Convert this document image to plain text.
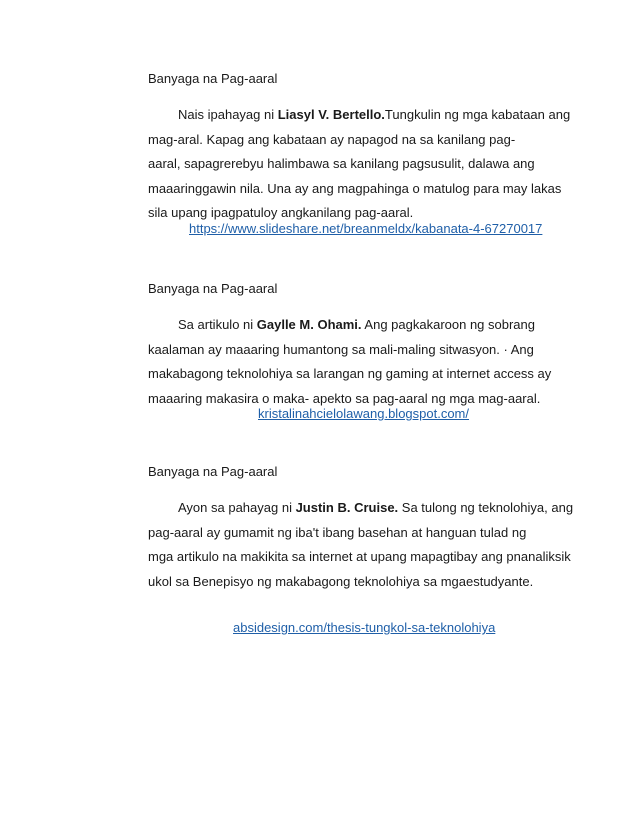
Banyaga na Pag-aaral
Nais ipahayag ni Liasyl V. Bertello.Tungkulin ng mga kabataan ang
mag-aral. Kapag ang kabataan ay napagod na sa kanilang pag-
aaral, sapagrerebyu halimbawa sa kanilang pagsusulit, dalawa ang
maaaringgawin nila. Una ay ang magpahinga o matulog para may lakas
sila upang ipagpatuloy angkanilang pag-aaral.
https://www.slideshare.net/breanmeldx/kabanata-4-67270017
Banyaga na Pag-aaral
Sa artikulo ni Gaylle M. Ohami. Ang pagkakaroon ng sobrang
kaalaman ay maaaring humantong sa mali-maling sitwasyon. · Ang
makabagong teknolohiya sa larangan ng gaming at internet access ay
maaaring makasira o maka- apekto sa pag-aaral ng mga mag-aaral.
kristalinahcielolawang.blogspot.com/
Banyaga na Pag-aaral
Ayon sa pahayag ni Justin B. Cruise. Sa tulong ng teknolohiya, ang
pag-aaral ay gumamit ng iba't ibang basehan at hanguan tulad ng
mga artikulo na makikita sa internet at upang mapagtibay ang pnanaliksik
ukol sa Benepisyo ng makabagong teknolohiya sa mgaestudyante.
absidesign.com/thesis-tungkol-sa-teknolohiya
